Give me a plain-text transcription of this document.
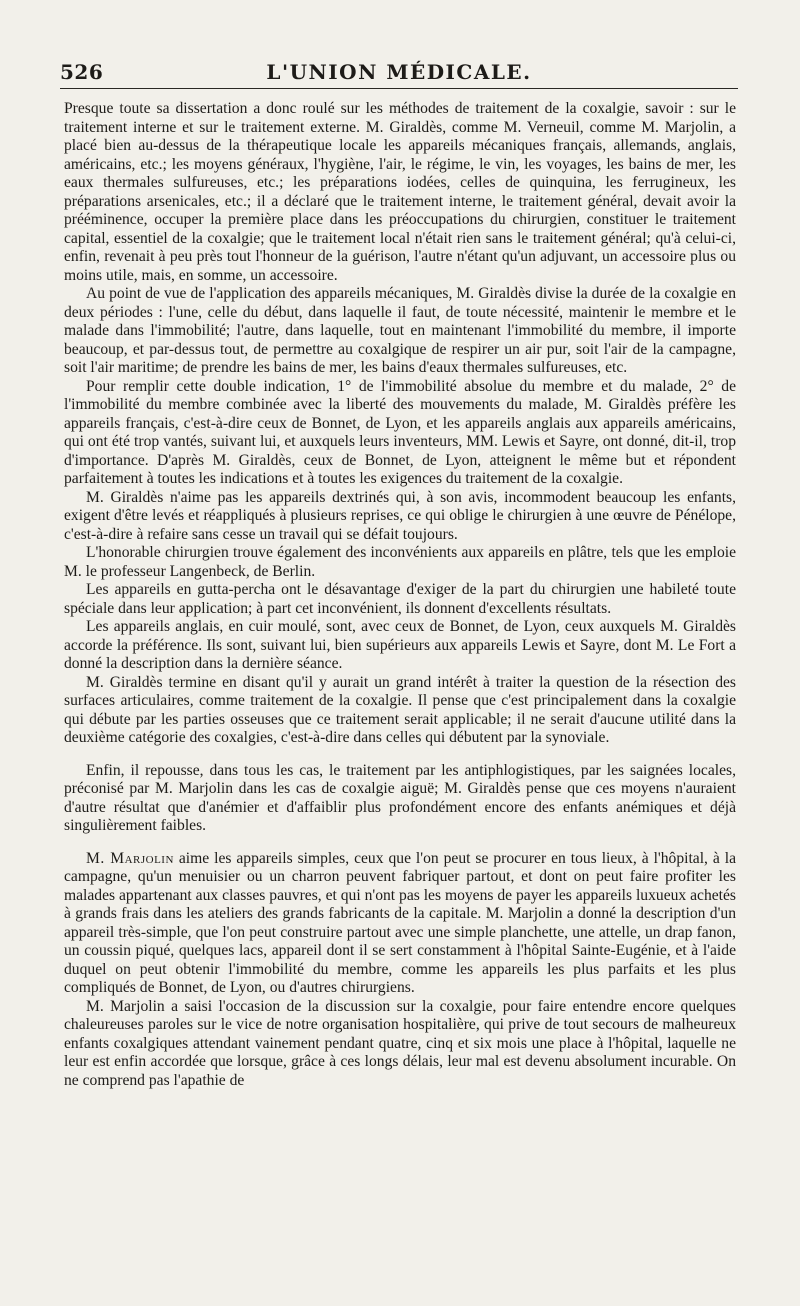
526	L'UNION MÉDICALE.

Presque toute sa dissertation a donc roulé sur les méthodes de traitement de la coxalgie, savoir : sur le traitement interne et sur le traitement externe. M. Giraldès, comme M. Verneuil, comme M. Marjolin, a placé bien au-dessus de la thérapeutique locale les appareils mécaniques français, allemands, anglais, américains, etc.; les moyens généraux, l'hygiène, l'air, le régime, le vin, les voyages, les bains de mer, les eaux thermales sulfureuses, etc.; les préparations iodées, celles de quinquina, les ferrugineux, les préparations arsenicales, etc.; il a déclaré que le traitement interne, le traitement général, devait avoir la prééminence, occuper la première place dans les préoccupations du chirurgien, constituer le traitement capital, essentiel de la coxalgie; que le traitement local n'était rien sans le traitement général; qu'à celui-ci, enfin, revenait à peu près tout l'honneur de la guérison, l'autre n'étant qu'un adjuvant, un accessoire plus ou moins utile, mais, en somme, un accessoire.

Au point de vue de l'application des appareils mécaniques, M. Giraldès divise la durée de la coxalgie en deux périodes : l'une, celle du début, dans laquelle il faut, de toute nécessité, maintenir le membre et le malade dans l'immobilité; l'autre, dans laquelle, tout en maintenant l'immobilité du membre, il importe beaucoup, et par-dessus tout, de permettre au coxalgique de respirer un air pur, soit l'air de la campagne, soit l'air maritime; de prendre les bains de mer, les bains d'eaux thermales sulfureuses, etc.

Pour remplir cette double indication, 1° de l'immobilité absolue du membre et du malade, 2° de l'immobilité du membre combinée avec la liberté des mouvements du malade, M. Giraldès préfère les appareils français, c'est-à-dire ceux de Bonnet, de Lyon, et les appareils anglais aux appareils américains, qui ont été trop vantés, suivant lui, et auxquels leurs inventeurs, MM. Lewis et Sayre, ont donné, dit-il, trop d'importance. D'après M. Giraldès, ceux de Bonnet, de Lyon, atteignent le même but et répondent parfaitement à toutes les indications et à toutes les exigences du traitement de la coxalgie.

M. Giraldès n'aime pas les appareils dextrinés qui, à son avis, incommodent beaucoup les enfants, exigent d'être levés et réappliqués à plusieurs reprises, ce qui oblige le chirurgien à une œuvre de Pénélope, c'est-à-dire à refaire sans cesse un travail qui se défait toujours.

L'honorable chirurgien trouve également des inconvénients aux appareils en plâtre, tels que les emploie M. le professeur Langenbeck, de Berlin.

Les appareils en gutta-percha ont le désavantage d'exiger de la part du chirurgien une habileté toute spéciale dans leur application; à part cet inconvénient, ils donnent d'excellents résultats.

Les appareils anglais, en cuir moulé, sont, avec ceux de Bonnet, de Lyon, ceux auxquels M. Giraldès accorde la préférence. Ils sont, suivant lui, bien supérieurs aux appareils Lewis et Sayre, dont M. Le Fort a donné la description dans la dernière séance.

M. Giraldès termine en disant qu'il y aurait un grand intérêt à traiter la question de la résection des surfaces articulaires, comme traitement de la coxalgie. Il pense que c'est principalement dans la coxalgie qui débute par les parties osseuses que ce traitement serait applicable; il ne serait d'aucune utilité dans la deuxième catégorie des coxalgies, c'est-à-dire dans celles qui débutent par la synoviale.

Enfin, il repousse, dans tous les cas, le traitement par les antiphlogistiques, par les saignées locales, préconisé par M. Marjolin dans les cas de coxalgie aiguë; M. Giraldès pense que ces moyens n'auraient d'autre résultat que d'anémier et d'affaiblir plus profondément encore des enfants anémiques et déjà singulièrement faibles.

M. Marjolin aime les appareils simples, ceux que l'on peut se procurer en tous lieux, à l'hôpital, à la campagne, qu'un menuisier ou un charron peuvent fabriquer partout, et dont on peut faire profiter les malades appartenant aux classes pauvres, et qui n'ont pas les moyens de payer les appareils luxueux achetés à grands frais dans les ateliers des grands fabricants de la capitale. M. Marjolin a donné la description d'un appareil très-simple, que l'on peut construire partout avec une simple planchette, une attelle, un drap fanon, un coussin piqué, quelques lacs, appareil dont il se sert constamment à l'hôpital Sainte-Eugénie, et à l'aide duquel on peut obtenir l'immobilité du membre, comme les appareils les plus parfaits et les plus compliqués de Bonnet, de Lyon, ou d'autres chirurgiens.

M. Marjolin a saisi l'occasion de la discussion sur la coxalgie, pour faire entendre encore quelques chaleureuses paroles sur le vice de notre organisation hospitalière, qui prive de tout secours de malheureux enfants coxalgiques attendant vainement pendant quatre, cinq et six mois une place à l'hôpital, laquelle ne leur est enfin accordée que lorsque, grâce à ces longs délais, leur mal est devenu absolument incurable. On ne comprend pas l'apathie de
